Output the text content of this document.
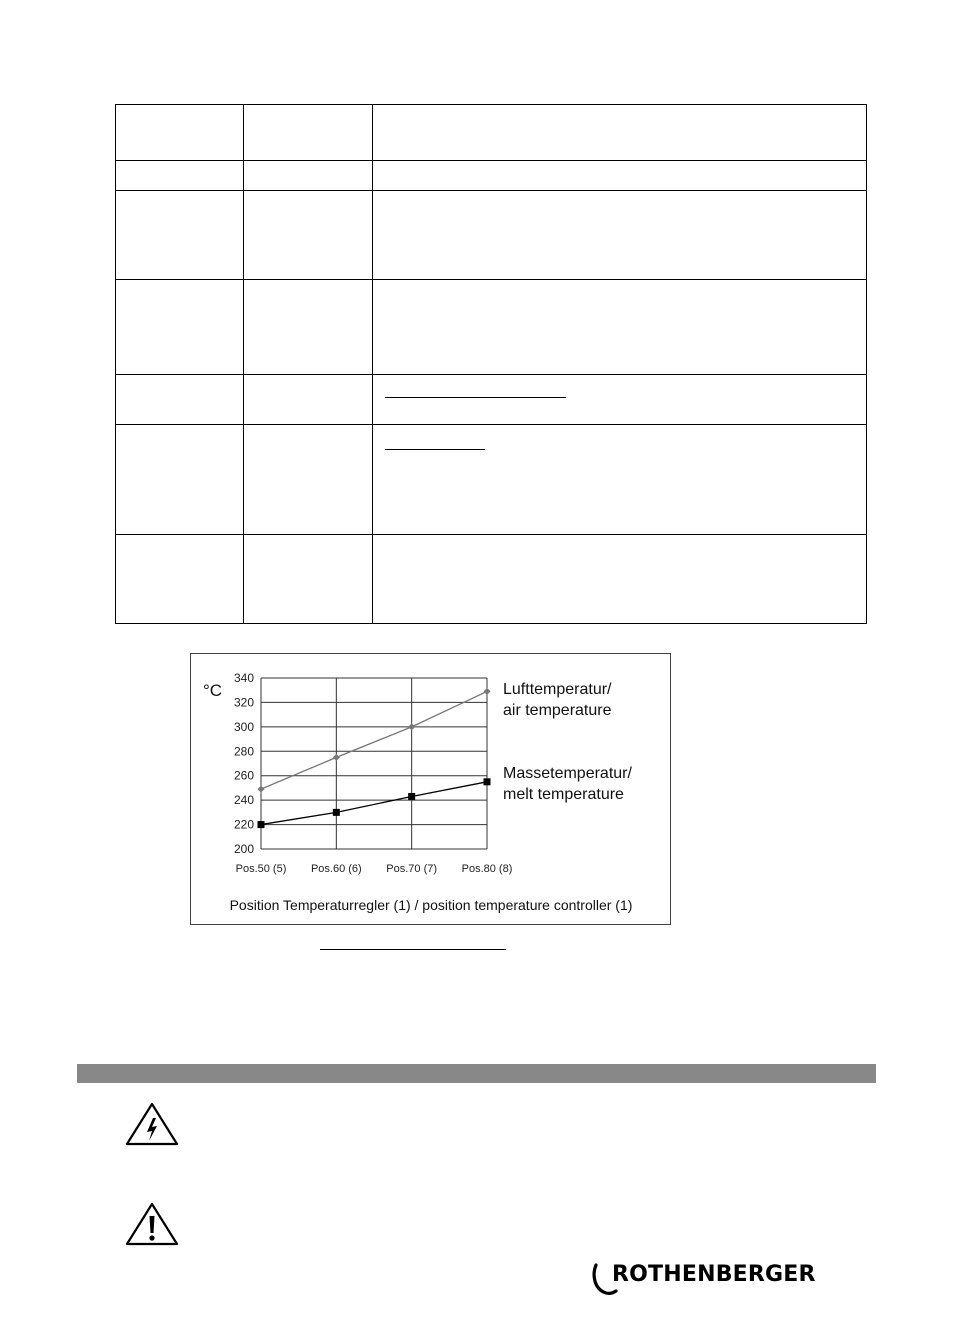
340
320
300
280
260
240
220
200
Pos.50 (5) Pos.60 (6) Pos.70 (7) Pos.80 (8)
°C	Lufttemperatur/
air temperature
Massetemperatur/
melt temperature
Position Temperaturregler (1) / position temperature controller (1)
ROTHENBERGER
